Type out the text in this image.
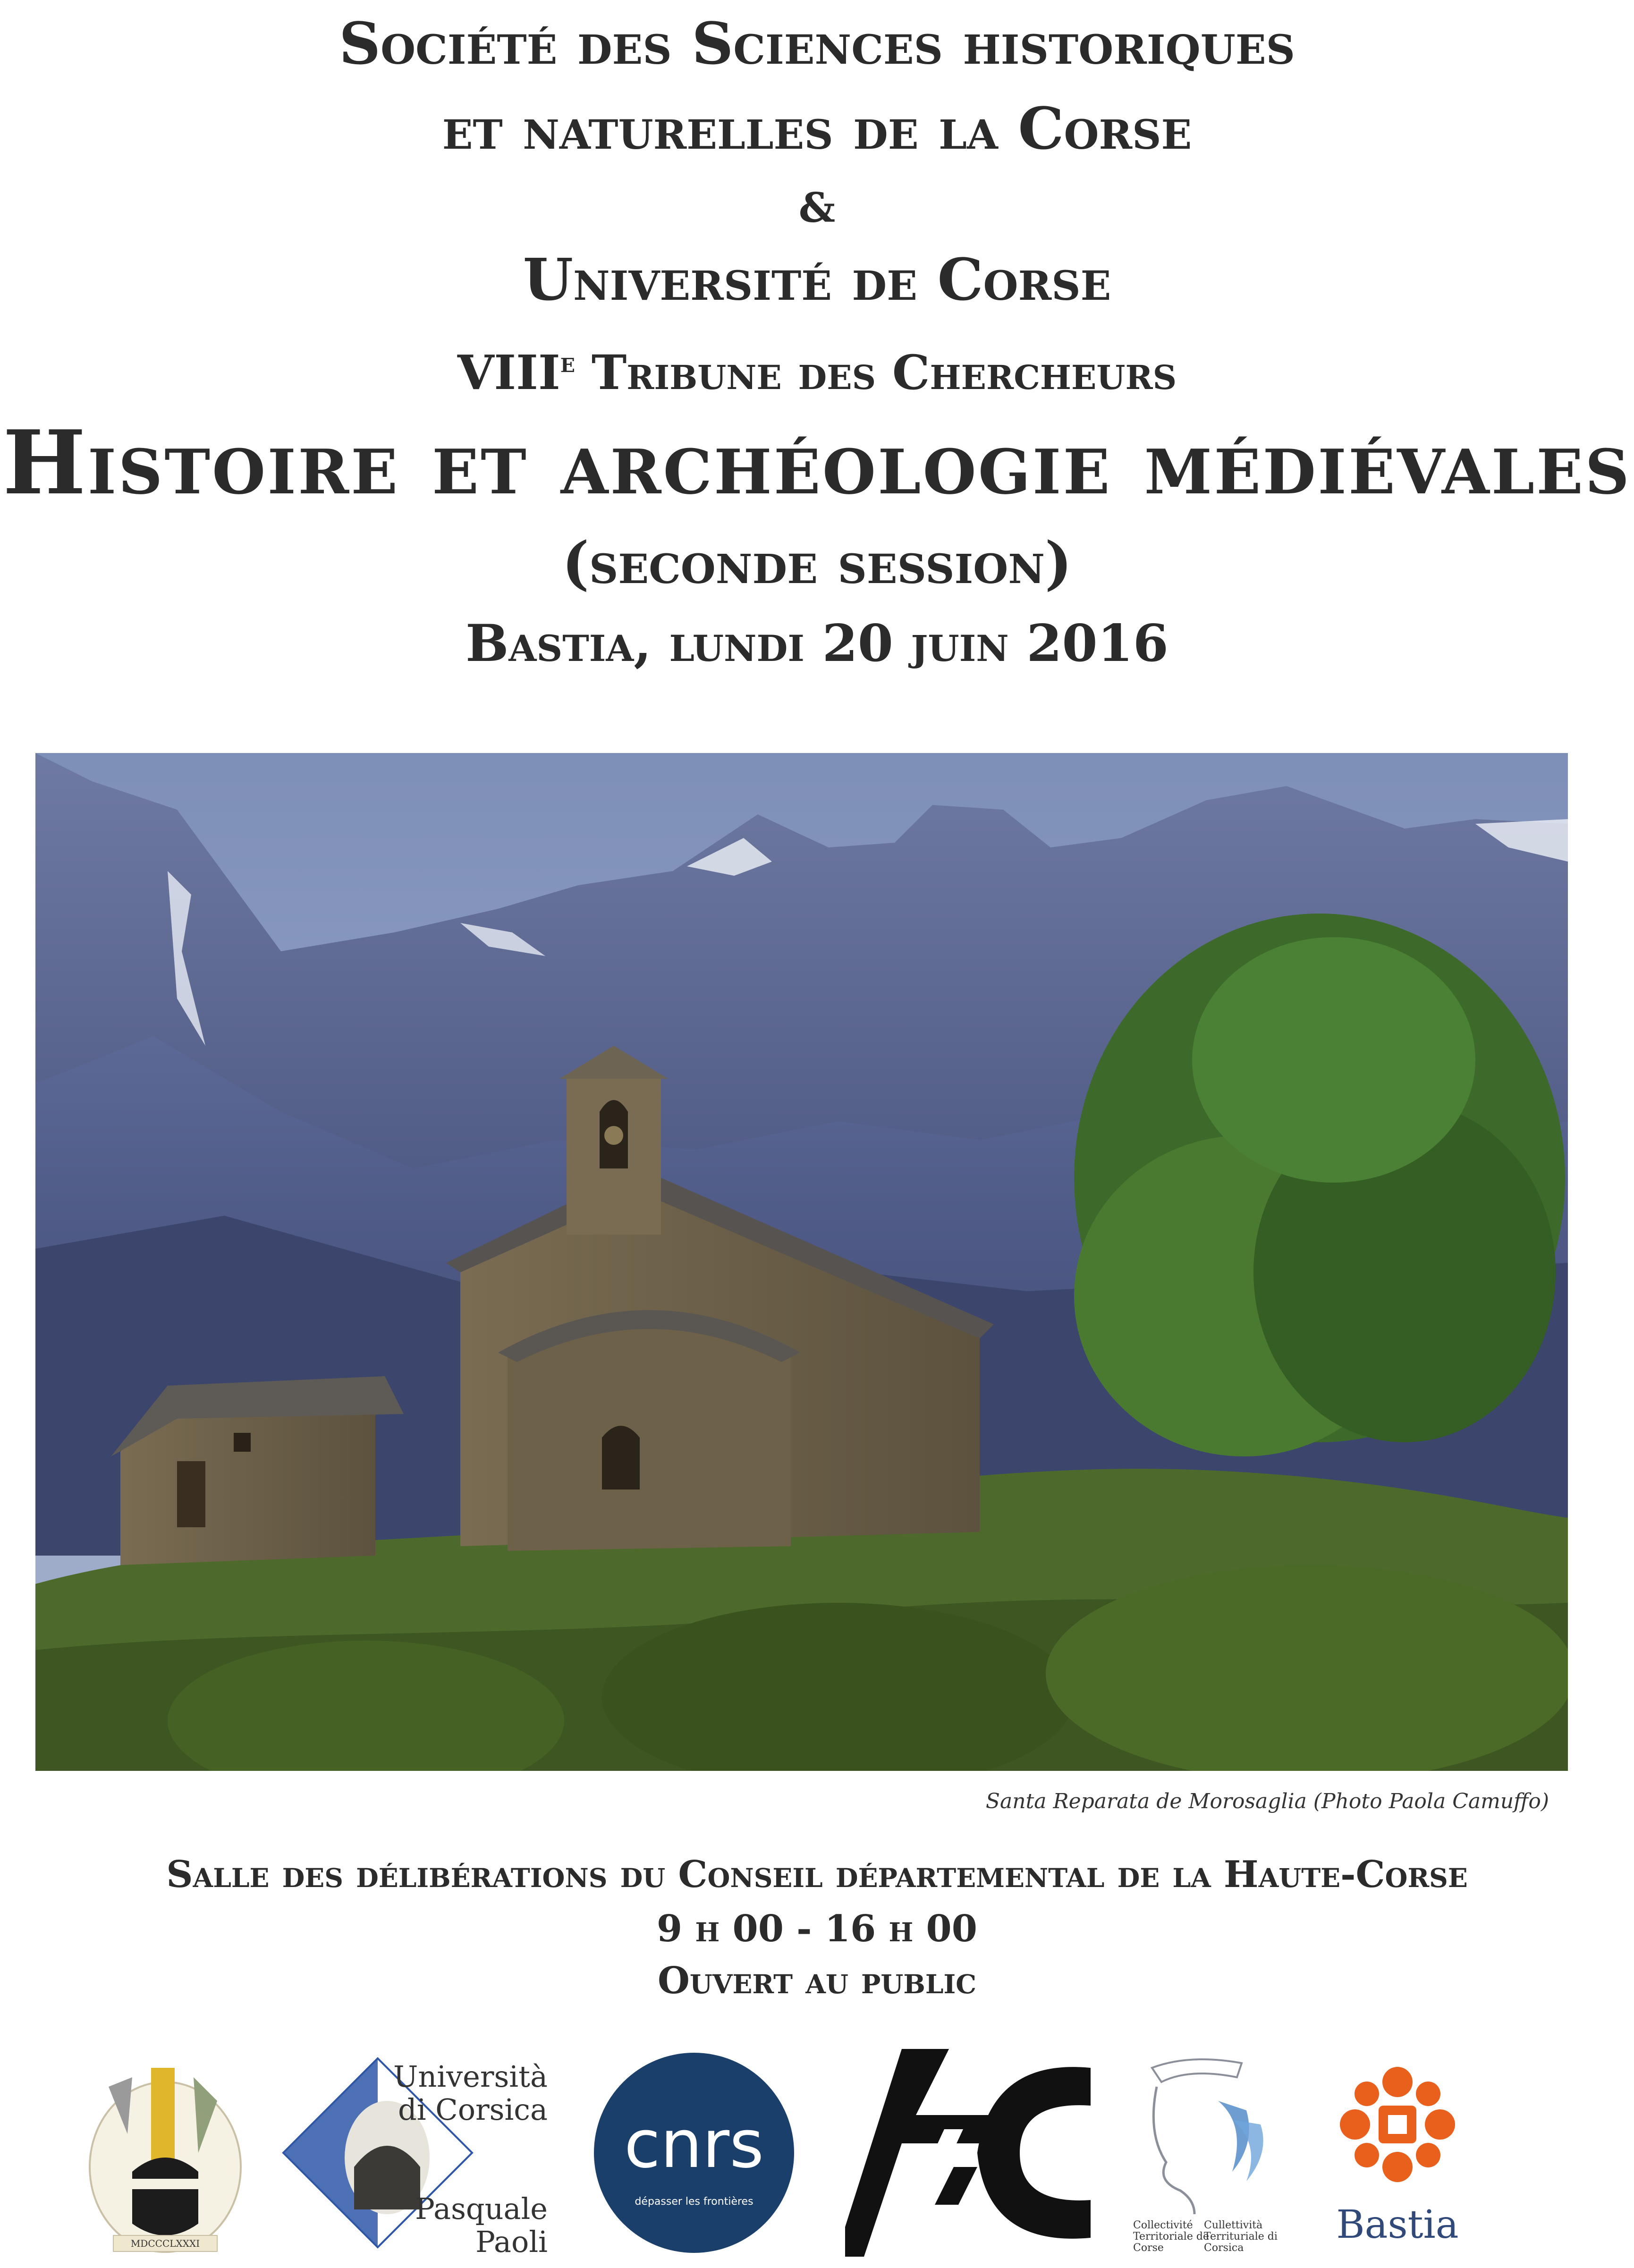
Société des Sciences historiques
et naturelles de la Corse
&
Université de Corse
VIIIe Tribune des Chercheurs
Histoire et archéologie médiévales
(seconde session)
Bastia, lundi 20 juin 2016
Santa Reparata de Morosaglia (Photo Paola Camuffo)
Salle des délibérations du Conseil départemental de la Haute-Corse
9 h 00 - 16 h 00
Ouvert au public
MDCCCLXXXI
Università
di Corsica
Pasquale
Paoli
cnrs
dépasser les frontières
Collectivité
Territoriale de
Corse
Cullettività
Territuriale di
Corsica
Bastia
